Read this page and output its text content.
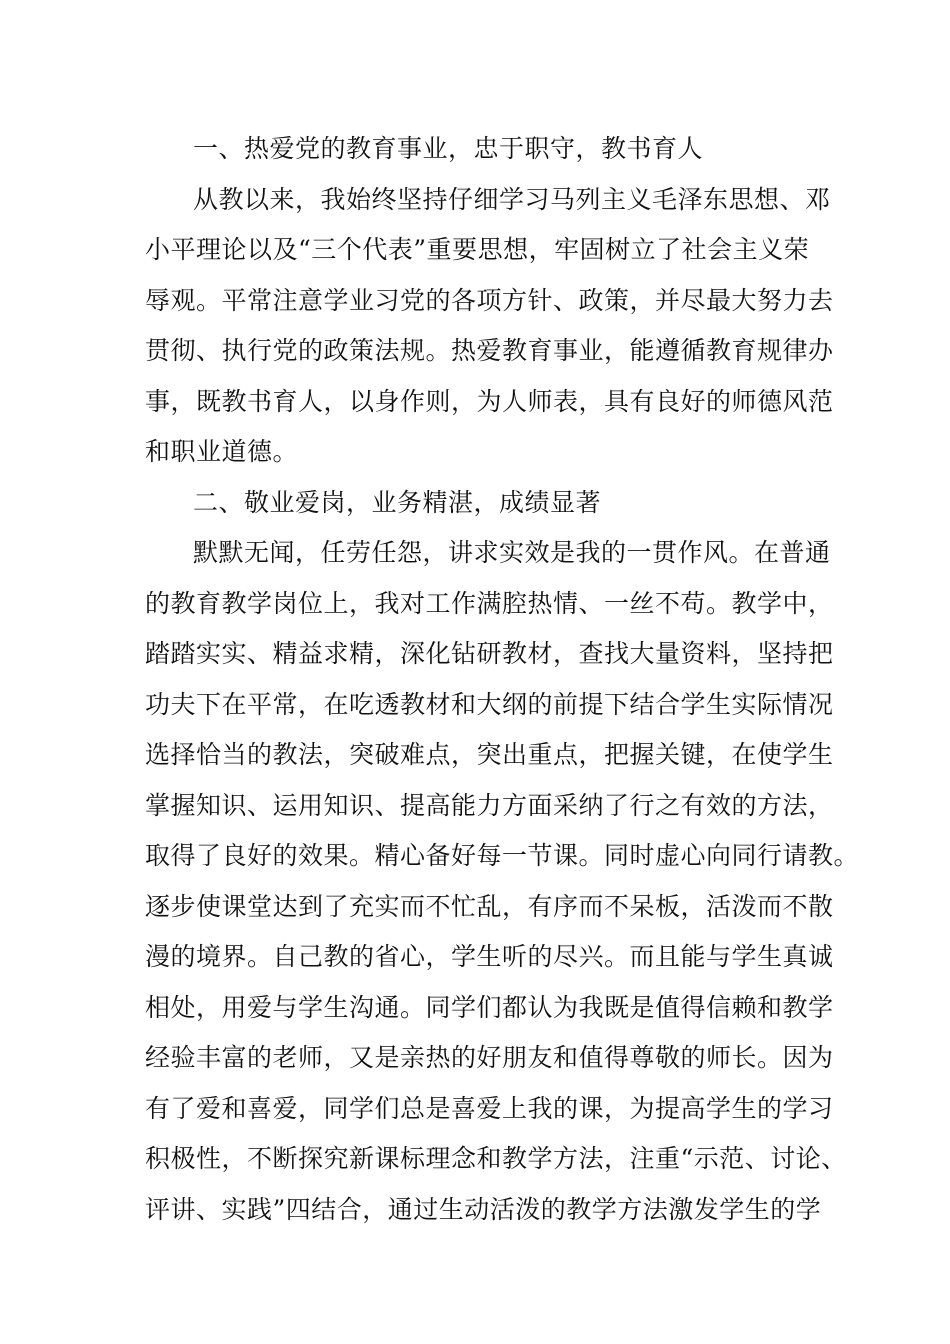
一、热爱党的教育事业，忠于职守，教书育人
从教以来，我始终坚持仔细学习马列主义毛泽东思想、邓
小平理论以及“三个代表”重要思想，牢固树立了社会主义荣
辱观。平常注意学业习党的各项方针、政策，并尽最大努力去
贯彻、执行党的政策法规。热爱教育事业，能遵循教育规律办
事，既教书育人，以身作则，为人师表，具有良好的师德风范
和职业道德。
二、敬业爱岗，业务精湛，成绩显著
默默无闻，任劳任怨，讲求实效是我的一贯作风。在普通
的教育教学岗位上，我对工作满腔热情、一丝不苟。教学中，
踏踏实实、精益求精，深化钻研教材，查找大量资料，坚持把
功夫下在平常，在吃透教材和大纲的前提下结合学生实际情况
选择恰当的教法，突破难点，突出重点，把握关键，在使学生
掌握知识、运用知识、提高能力方面采纳了行之有效的方法，
取得了良好的效果。精心备好每一节课。同时虚心向同行请教。
逐步使课堂达到了充实而不忙乱，有序而不呆板，活泼而不散
漫的境界。自己教的省心，学生听的尽兴。而且能与学生真诚
相处，用爱与学生沟通。同学们都认为我既是值得信赖和教学
经验丰富的老师，又是亲热的好朋友和值得尊敬的师长。因为
有了爱和喜爱，同学们总是喜爱上我的课，为提高学生的学习
积极性，不断探究新课标理念和教学方法，注重“示范、讨论、
评讲、实践”四结合，通过生动活泼的教学方法激发学生的学
